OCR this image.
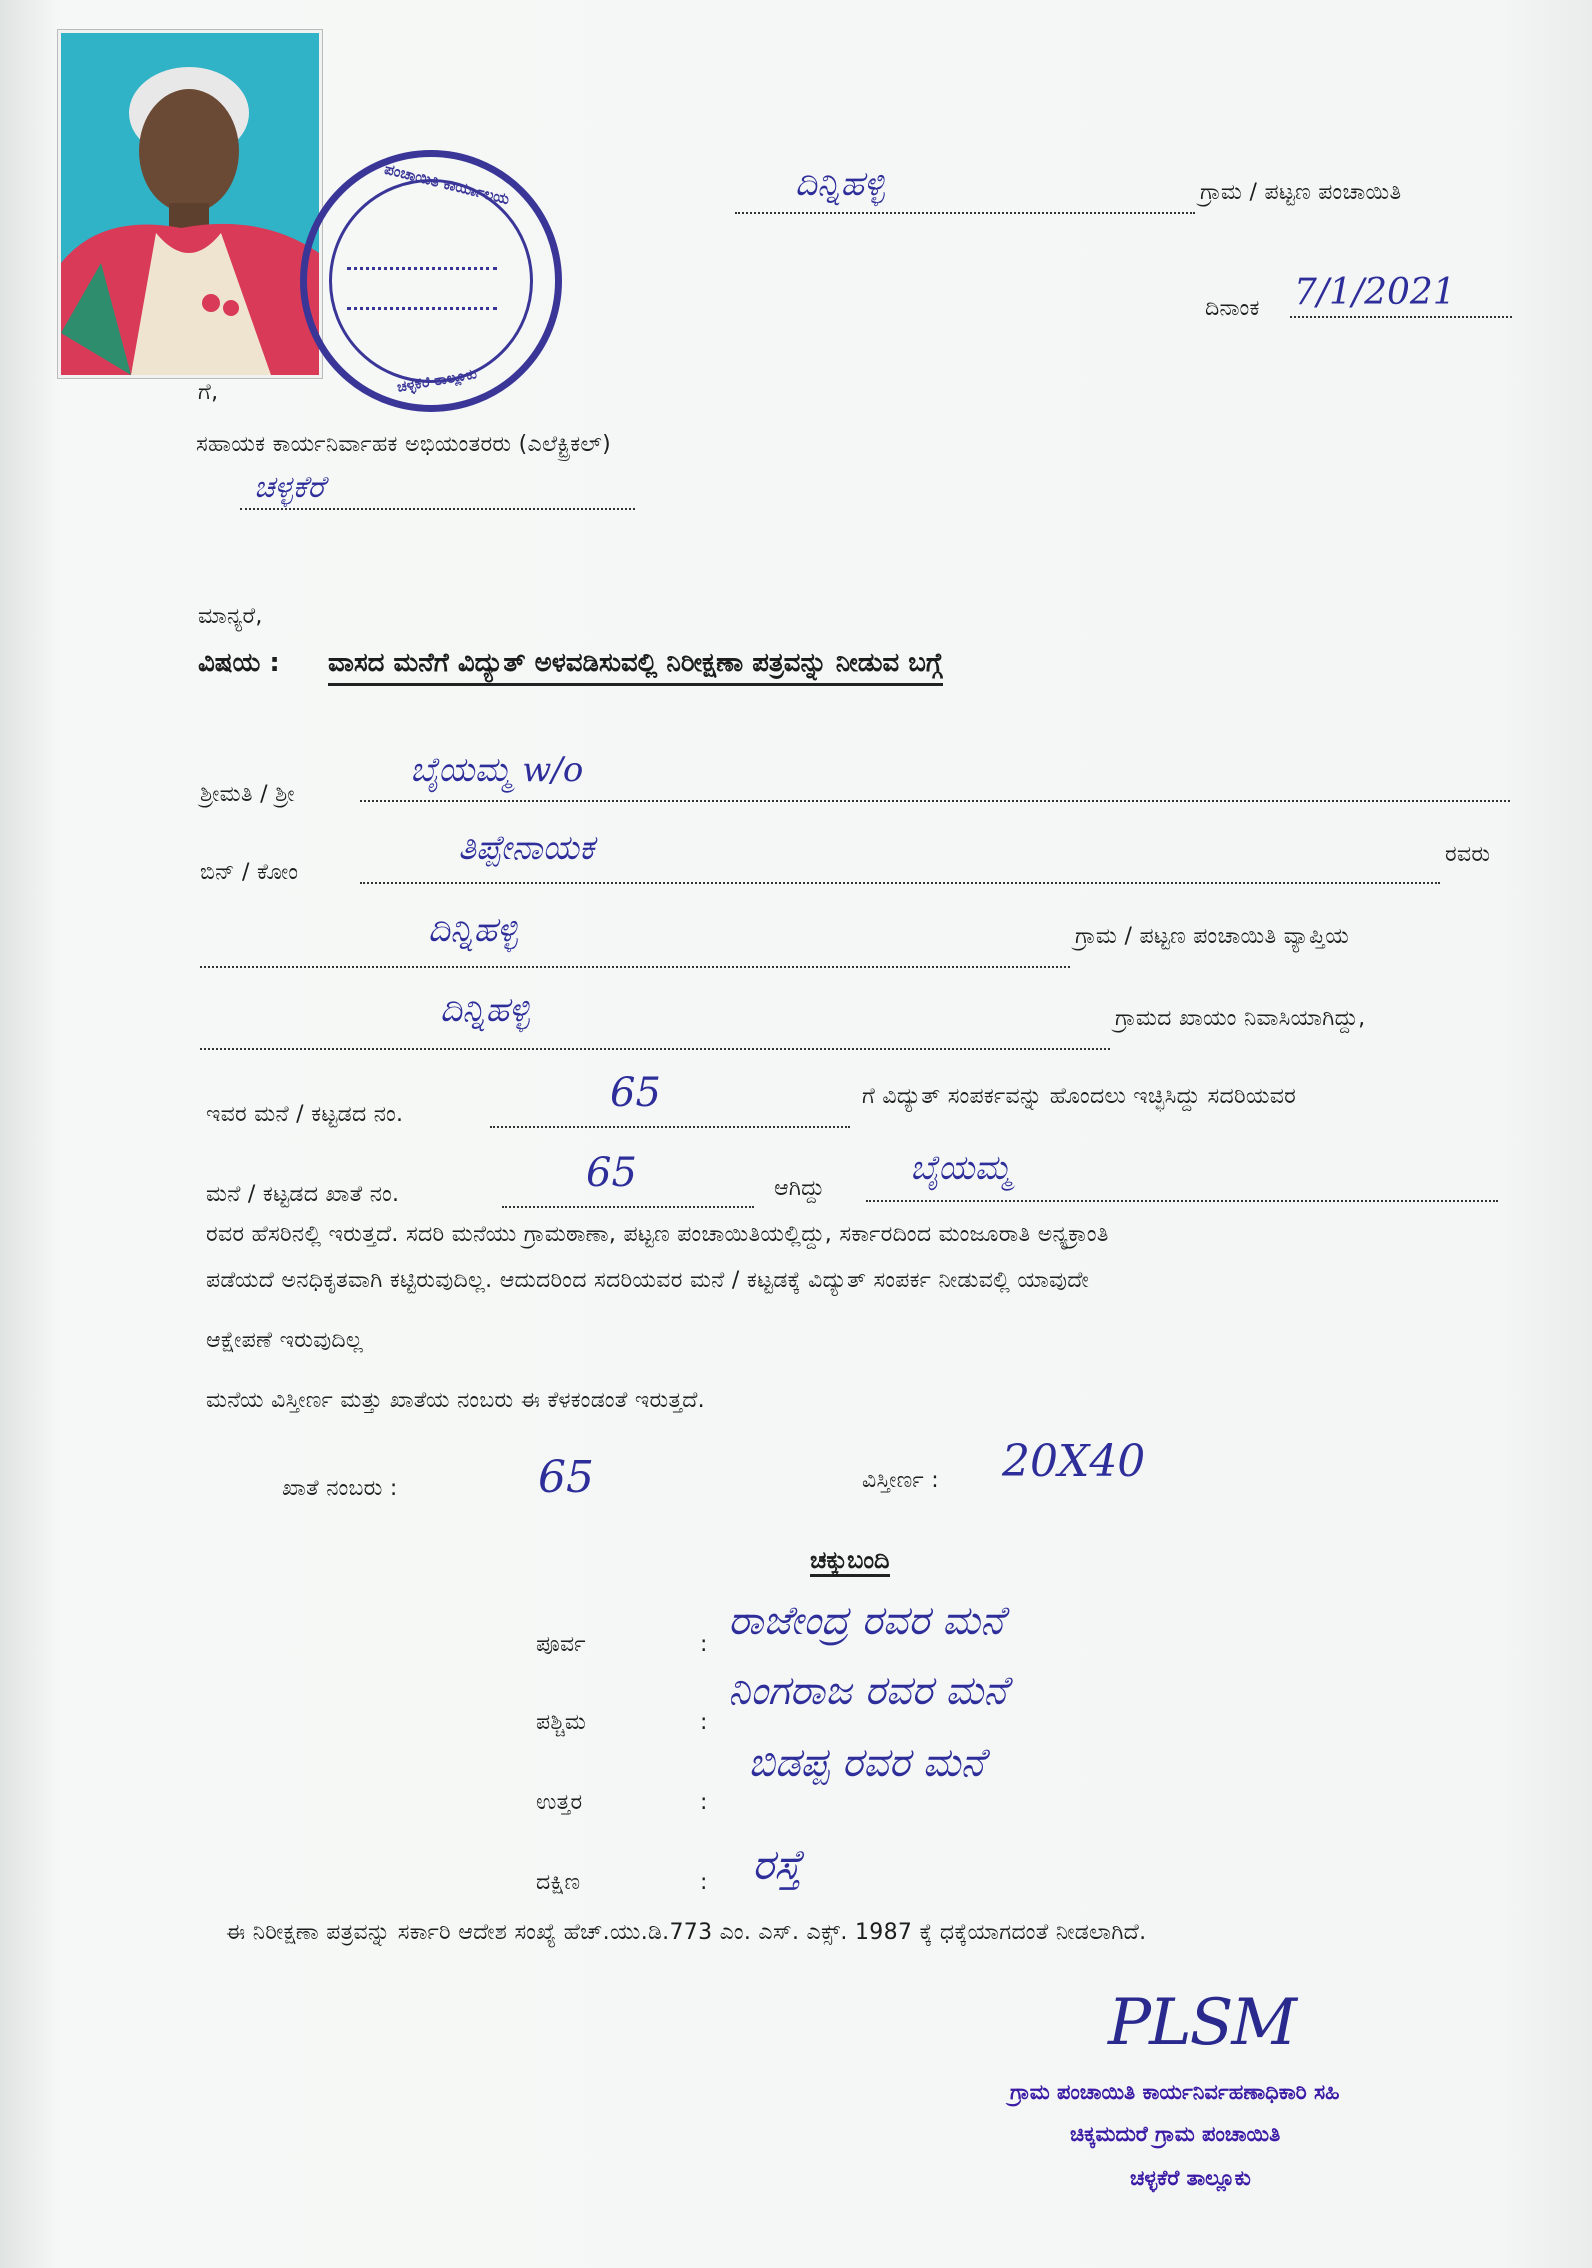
ಪಂಚಾಯಿತಿ ಕಾರ್ಯಾಲಯ
ಚಳ್ಳಕೆರೆ ತಾಲ್ಲೂಕು
ದಿನ್ನಿಹಳ್ಳಿ	ಗ್ರಾಮ / ಪಟ್ಟಣ ಪಂಚಾಯಿತಿ
ದಿನಾಂಕ 7/1/2021
ಗೆ,
ಸಹಾಯಕ ಕಾರ್ಯನಿರ್ವಾಹಕ ಅಭಿಯಂತರರು (ಎಲೆಕ್ಟ್ರಿಕಲ್)
ಚಳ್ಳಕೆರೆ
ಮಾನ್ಯರೆ,
ವಿಷಯ : ವಾಸದ ಮನೆಗೆ ವಿದ್ಯುತ್ ಅಳವಡಿಸುವಲ್ಲಿ ನಿರೀಕ್ಷಣಾ ಪತ್ರವನ್ನು ನೀಡುವ ಬಗ್ಗೆ
ಶ್ರೀಮತಿ / ಶ್ರೀ
ಬೈಯಮ್ಮ w/o
ಬಿನ್ / ಕೋಂ
ತಿಪ್ಪೇನಾಯಕ	ರವರು
ದಿನ್ನಿಹಳ್ಳಿ	ಗ್ರಾಮ / ಪಟ್ಟಣ ಪಂಚಾಯಿತಿ ವ್ಯಾಪ್ತಿಯ
ದಿನ್ನಿಹಳ್ಳಿ	ಗ್ರಾಮದ ಖಾಯಂ ನಿವಾಸಿಯಾಗಿದ್ದು,
ಇವರ ಮನೆ / ಕಟ್ಟಡದ ನಂ.	65	ಗೆ ವಿದ್ಯುತ್ ಸಂಪರ್ಕವನ್ನು ಹೊಂದಲು ಇಚ್ಛಿಸಿದ್ದು ಸದರಿಯವರ
ಮನೆ / ಕಟ್ಟಡದ ಖಾತೆ ನಂ.	65	ಆಗಿದ್ದು
ಬೈಯಮ್ಮ
ರವರ ಹೆಸರಿನಲ್ಲಿ ಇರುತ್ತದೆ. ಸದರಿ ಮನೆಯು ಗ್ರಾಮಠಾಣಾ, ಪಟ್ಟಣ ಪಂಚಾಯಿತಿಯಲ್ಲಿದ್ದು, ಸರ್ಕಾರದಿಂದ ಮಂಜೂರಾತಿ ಅನ್ಯಕ್ರಾಂತಿ
ಪಡೆಯದೆ ಅನಧಿಕೃತವಾಗಿ ಕಟ್ಟಿರುವುದಿಲ್ಲ. ಆದುದರಿಂದ ಸದರಿಯವರ ಮನೆ / ಕಟ್ಟಡಕ್ಕೆ ವಿದ್ಯುತ್ ಸಂಪರ್ಕ ನೀಡುವಲ್ಲಿ ಯಾವುದೇ
ಆಕ್ಷೇಪಣೆ ಇರುವುದಿಲ್ಲ
ಮನೆಯ ವಿಸ್ತೀರ್ಣ ಮತ್ತು ಖಾತೆಯ ನಂಬರು ಈ ಕೆಳಕಂಡಂತೆ ಇರುತ್ತದೆ.
ಖಾತೆ ನಂಬರು :	65	ವಿಸ್ತೀರ್ಣ : 20X40
ಚಕ್ಕುಬಂದಿ
ಪೂರ್ವ	:
ರಾಜೇಂದ್ರ ರವರ ಮನೆ
ಪಶ್ಚಿಮ	:
ನಿಂಗರಾಜ ರವರ ಮನೆ
ಉತ್ತರ	:
ಬಿಡಪ್ಪ ರವರ ಮನೆ
ದಕ್ಷಿಣ	: ರಸ್ತೆ
ಈ ನಿರೀಕ್ಷಣಾ ಪತ್ರವನ್ನು ಸರ್ಕಾರಿ ಆದೇಶ ಸಂಖ್ಯೆ ಹೆಚ್.ಯು.ಡಿ.773 ಎಂ. ಎಸ್. ಎಕ್ಸ್. 1987 ಕ್ಕೆ ಧಕ್ಕೆಯಾಗದಂತೆ ನೀಡಲಾಗಿದೆ.
PLSM
ಗ್ರಾಮ ಪಂಚಾಯಿತಿ ಕಾರ್ಯನಿರ್ವಹಣಾಧಿಕಾರಿ ಸಹಿ
ಚಿಕ್ಕಮದುರೆ ಗ್ರಾಮ ಪಂಚಾಯಿತಿ
ಚಳ್ಳಕೆರೆ ತಾಲ್ಲೂಕು
